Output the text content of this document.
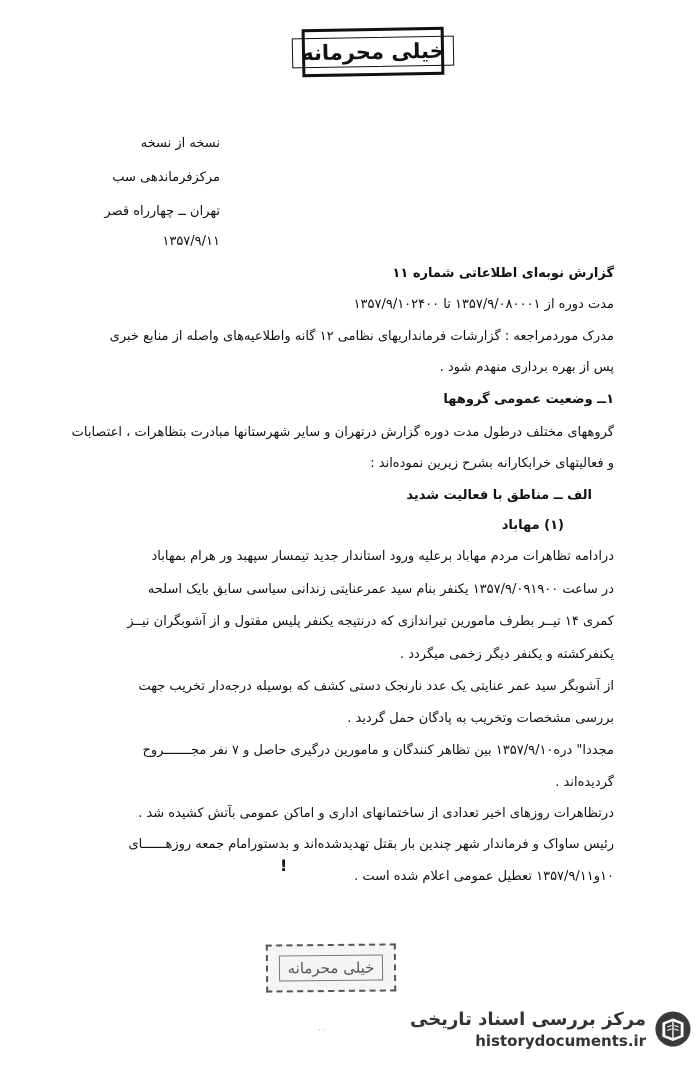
خیلی محرمانه
نسخه از نسخه
مرکزفرماندهی سب
تهران ــ چهارراه قصر
۱۳۵۷/۹/۱۱
گزارش نوبه‌ای اطلاعاتی شماره ۱۱
مدت دوره از ۱۳۵۷/۹/۰۸۰۰۰۱ تا ۱۳۵۷/۹/۱۰۲۴۰۰
مدرک موردمراجعه : گزارشات فرمانداریهای نظامی ۱۲ گانه واطلاعیه‌های واصله از منابع خبری
پس از بهره برداری منهدم شود .
۱ــ وضعیت عمومی گروهها
گروههای مختلف درطول مدت دوره گزارش درتهران و سایر شهرستانها مبادرت بتظاهرات ، اعتصابات
و فعالیتهای خرابکارانه بشرح زیرین نموده‌اند :
الف ــ مناطق با فعالیت شدید
(۱) مهاباد
درادامه تظاهرات مردم مهاباد برعلیه ورود استاندار جدید تیمسار سپهبد ور هرام بمهاباد
در ساعت ۱۳۵۷/۹/۰۹۱۹۰۰ یکنفر بنام سید عمرعنایتی زندانی سیاسی سابق بایک اسلحه
کمری ۱۴ تیــر بطرف مامورین تیراندازی که درنتیجه یکنفر پلیس مقتول و از آشوبگران نیــز
یکنفرکشته و یکنفر دیگر زخمی میگردد .
از آشوبگر سید عمر عنایتی یک عدد نارنجک دستی کشف که بوسیله درجه‌دار تخریب جهت
بررسی مشخصات وتخریب به پادگان حمل گردید .
مجددا" دره۱۳۵۷/۹/۱۰ بین تظاهر کنندگان و مامورین درگیری حاصل و ۷ نفر مجـــــــروح
گردیده‌اند .
درتظاهرات روزهای اخیر تعدادی از ساختمانهای اداری و اماکن عمومی بآتش کشیده شد .
رئیس ساواک و فرماندار شهر چندین بار بقتل تهدیدشده‌اند و بدستورامام جمعه روزهــــــای
۱۰و۱۳۵۷/۹/۱۱ تعطیل عمومی اعلام شده است .
!
خیلی محرمانه
· ·
مرکز بررسی اسناد تاریخی
historydocuments.ir
